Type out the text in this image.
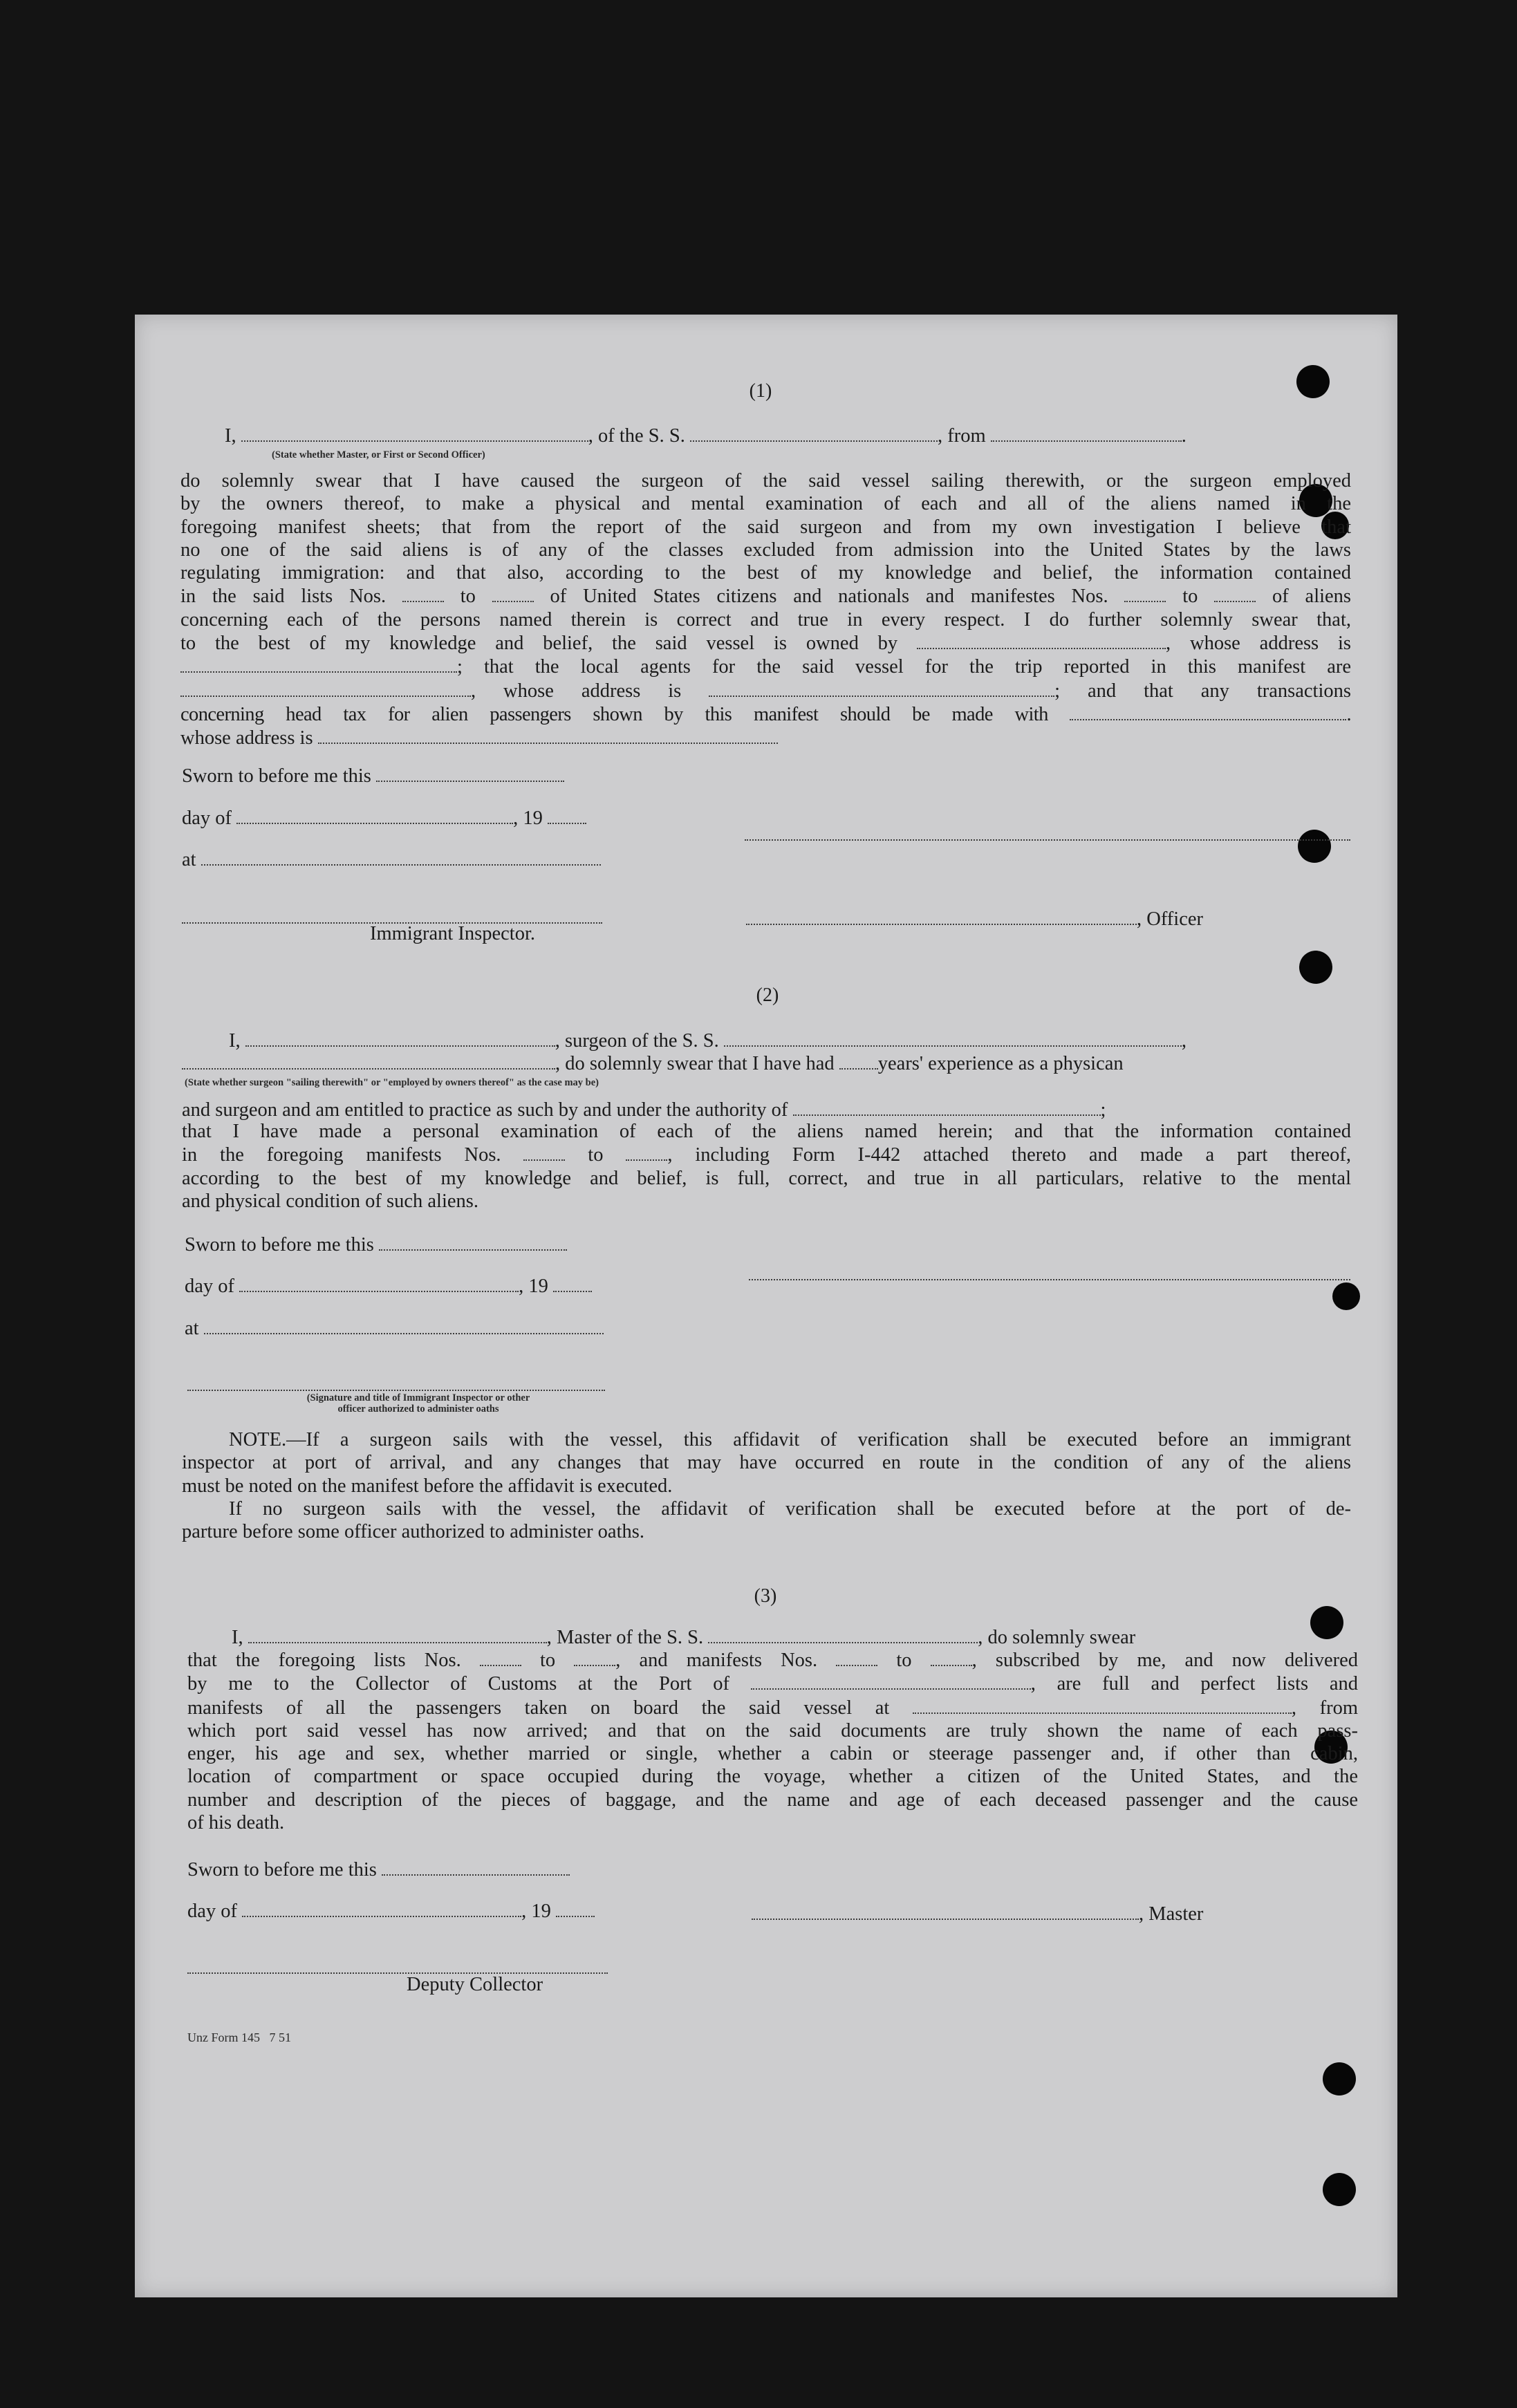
(1)
I,	, of the S. S.	, from	.
(State whether Master, or First or Second Officer)

do solemnly swear that I have caused the surgeon of the said vessel sailing therewith, or the surgeon employed

by the owners thereof, to make a physical and mental examination of each and all of the aliens named in the

foregoing manifest sheets; that from the report of the said surgeon and from my own investigation I believe that

no one of the said aliens is of any of the classes excluded from admission into the United States by the laws

regulating immigration: and that also, according to the best of my knowledge and belief, the information contained

in the said lists Nos.	to	of United States citizens and nationals and manifestes Nos.	to	of aliens

concerning each of the persons named therein is correct and true in every respect. I do further solemnly swear that,

to the best of my knowledge and belief, the said vessel is owned by	, whose address is

; that the local agents for the said vessel for the trip reported in this manifest are

, whose address is	; and that any transactions

concerning head tax for alien passengers shown by this manifest should be made with	.

whose address is

Sworn to before me this
day of	, 19
at
, Officer
Immigrant Inspector.
(2)
I,	, surgeon of the S. S.	,
, do solemnly swear that I have had years' experience as a physican
(State whether surgeon "sailing therewith" or "employed by owners thereof" as the case may be)
and surgeon and am entitled to practice as such by and under the authority of	;

that I have made a personal examination of each of the aliens named herein; and that the information contained

in the foregoing manifests Nos.	to	, including Form I-442 attached thereto and made a part thereof,

according to the best of my knowledge and belief, is full, correct, and true in all particulars, relative to the mental

and physical condition of such aliens.

Sworn to before me this
day of	, 19
at
(Signature and title of Immigrant Inspector or other
officer authorized to administer oaths

NOTE.—If a surgeon sails with the vessel, this affidavit of verification shall be executed before an immigrant

inspector at port of arrival, and any changes that may have occurred en route in the condition of any of the aliens

must be noted on the manifest before the affidavit is executed.

If no surgeon sails with the vessel, the affidavit of verification shall be executed before at the port of de-

parture before some officer authorized to administer oaths.

(3)
I,	, Master of the S. S.	, do solemnly swear

that the foregoing lists Nos.	to	, and manifests Nos.	to	, subscribed by me, and now delivered

by me to the Collector of Customs at the Port of	, are full and perfect lists and

manifests of all the passengers taken on board the said vessel at	, from

which port said vessel has now arrived; and that on the said documents are truly shown the name of each pass-

enger, his age and sex, whether married or single, whether a cabin or steerage passenger and, if other than cabin,

location of compartment or space occupied during the voyage, whether a citizen of the United States, and the

number and description of the pieces of baggage, and the name and age of each deceased passenger and the cause

of his death.

Sworn to before me this
day of	, 19	, Master
Deputy Collector
Unz Form 145   7 51
